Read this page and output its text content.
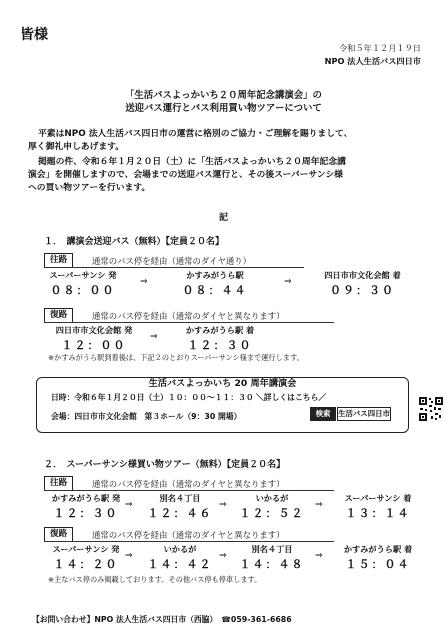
皆様
令和５年１２月１９日
NPO 法人生活バス四日市
「生活バスよっかいち２０周年記念講演会」の
送迎バス運行とバス利用買い物ツアーについて
平素はNPO 法人生活バス四日市の運営に格別のご協力・ご理解を賜りまして、
厚く御礼申しあげます。
掲題の件、令和６年１月２０日（土）に「生活バスよっかいち２０周年記念講
演会」を開催しますので、会場までの送迎バス運行と、その後スーパーサンシ様
への買い物ツアーを行います。
記
１．　講演会送迎バス（無料）【定員２０名】
往路	通常のバス停を経由（通常のダイヤ通り）
スーパーサンシ 発	かすみがうら駅	四日市市文化会館 着
⇒	⇒
０８：００	０８：４４	０９：３０
復路	通常のバス停を経由（通常のダイヤと異なります）
四日市市文化会館 発	かすみがうら駅 着
⇒
１２：００	１２：３０
※かすみがうら駅到着後は、下記２のとおりスーパーサンシ様まで運行します。
生活バスよっかいち 20 周年講演会
日時：令和６年１月２０日（土）１０：００～１１：３０ ＼詳しくはこちら／
会場：四日市市文化会館　第３ホール（9：30 開場）	検索	生活バス四日市
２．　スーパーサンシ様買い物ツアー（無料）【定員２０名】
往路	通常のバス停を経由（通常のダイヤと異なります）
かすみがうら駅 発	別名４丁目	いかるが	スーパーサンシ 着
⇒	⇒	⇒
１２：３０	１２：４６	１２：５２	１３：１４
復路	通常のバス停を経由（通常のダイヤと異なります）
スーパーサンシ 発	いかるが	別名４丁目	かすみがうら駅 着
⇒	⇒	⇒
１４：２０	１４：４２	１４：４８	１５：０４
※主なバス停のみ掲載しております。その他バス停も停車します。
【お問い合わせ】NPO 法人生活バス四日市（西脇）　☎059-361-6686
